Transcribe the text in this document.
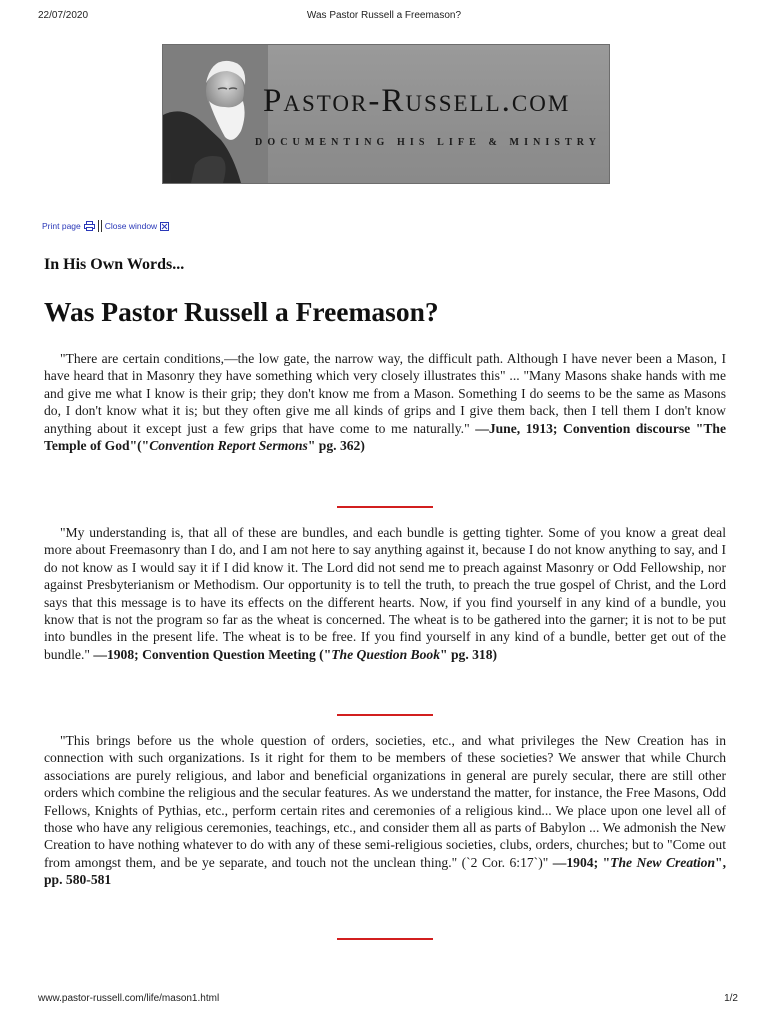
22/07/2020	Was Pastor Russell a Freemason?
Pastor-Russell.com
DOCUMENTING HIS LIFE & MINISTRY
Print page	Close window
In His Own Words...
Was Pastor Russell a Freemason?

"There are certain conditions,—the low gate, the narrow way, the difficult path. Although I have never been a Mason, I have heard that in Masonry they have something which very closely illustrates this" ... "Many Masons shake hands with me and give me what I know is their grip; they don't know me from a Mason. Something I do seems to be the same as Masons do, I don't know what it is; but they often give me all kinds of grips and I give them back, then I tell them I don't know anything about it except just a few grips that have come to me naturally." —June, 1913; Convention discourse "The Temple of God"("Convention Report Sermons" pg. 362)

"My understanding is, that all of these are bundles, and each bundle is getting tighter. Some of you know a great deal more about Freemasonry than I do, and I am not here to say anything against it, because I do not know anything to say, and I do not know as I would say it if I did know it. The Lord did not send me to preach against Masonry or Odd Fellowship, nor against Presbyterianism or Methodism. Our opportunity is to tell the truth, to preach the true gospel of Christ, and the Lord says that this message is to have its effects on the different hearts. Now, if you find yourself in any kind of a bundle, you know that is not the program so far as the wheat is concerned. The wheat is to be gathered into the garner; it is not to be put into bundles in the present life. The wheat is to be free. If you find yourself in any kind of a bundle, better get out of the bundle." —1908; Convention Question Meeting ("The Question Book" pg. 318)

"This brings before us the whole question of orders, societies, etc., and what privileges the New Creation has in connection with such organizations. Is it right for them to be members of these societies? We answer that while Church associations are purely religious, and labor and beneficial organizations in general are purely secular, there are still other orders which combine the religious and the secular features. As we understand the matter, for instance, the Free Masons, Odd Fellows, Knights of Pythias, etc., perform certain rites and ceremonies of a religious kind... We place upon one level all of those who have any religious ceremonies, teachings, etc., and consider them all as parts of Babylon ... We admonish the New Creation to have nothing whatever to do with any of these semi-religious societies, clubs, orders, churches; but to "Come out from amongst them, and be ye separate, and touch not the unclean thing." (`2 Cor. 6:17`)" —1904; "The New Creation", pp. 580-581

www.pastor-russell.com/life/mason1.html	1/2
